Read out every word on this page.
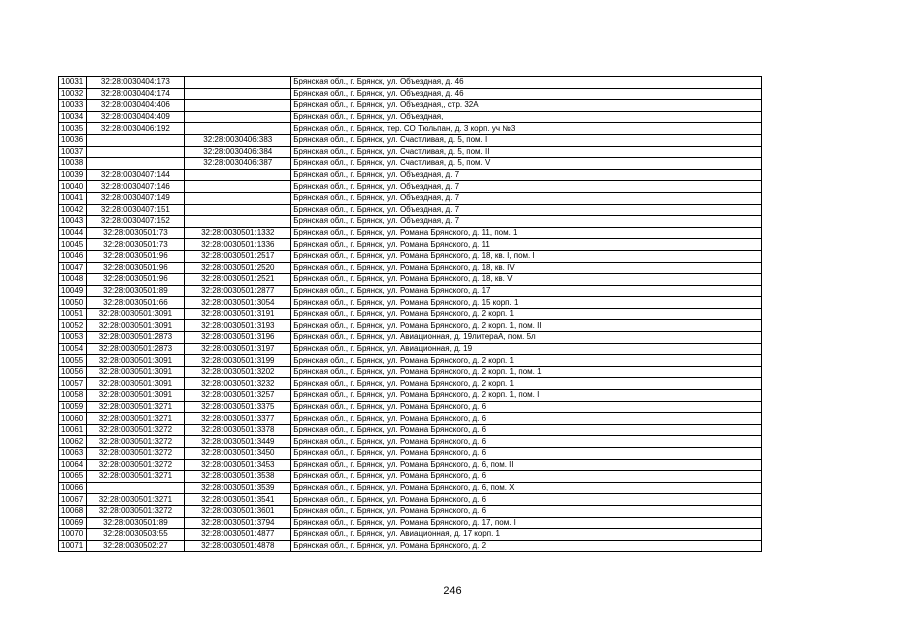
10031	32:28:0030404:173		Брянская обл., г. Брянск, ул. Объездная, д. 46
10032	32:28:0030404:174		Брянская обл., г. Брянск, ул. Объездная, д. 46
10033	32:28:0030404:406		Брянская обл., г. Брянск, ул. Объездная,, стр. 32А
10034	32:28:0030404:409		Брянская обл., г. Брянск, ул. Объездная,
10035	32:28:0030406:192		Брянская обл., г. Брянск, тер. СО Тюльпан, д. 3 корп. уч №3
10036		32:28:0030406:383	Брянская обл., г. Брянск, ул. Счастливая, д. 5, пом. I
10037		32:28:0030406:384	Брянская обл., г. Брянск, ул. Счастливая, д. 5, пом. II
10038		32:28:0030406:387	Брянская обл., г. Брянск, ул. Счастливая, д. 5, пом. V
10039	32:28:0030407:144		Брянская обл., г. Брянск, ул. Объездная, д. 7
10040	32:28:0030407:146		Брянская обл., г. Брянск, ул. Объездная, д. 7
10041	32:28:0030407:149		Брянская обл., г. Брянск, ул. Объездная, д. 7
10042	32:28:0030407:151		Брянская обл., г. Брянск, ул. Объездная, д. 7
10043	32:28:0030407:152		Брянская обл., г. Брянск, ул. Объездная, д. 7
10044	32:28:0030501:73	32:28:0030501:1332	Брянская обл., г. Брянск, ул. Романа Брянского, д. 11, пом. 1
10045	32:28:0030501:73	32:28:0030501:1336	Брянская обл., г. Брянск, ул. Романа Брянского, д. 11
10046	32:28:0030501:96	32:28:0030501:2517	Брянская обл., г. Брянск, ул. Романа Брянского, д. 18, кв. I, пом. I
10047	32:28:0030501:96	32:28:0030501:2520	Брянская обл., г. Брянск, ул. Романа Брянского, д. 18, кв. IV
10048	32:28:0030501:96	32:28:0030501:2521	Брянская обл., г. Брянск, ул. Романа Брянского, д. 18, кв. V
10049	32:28:0030501:89	32:28:0030501:2877	Брянская обл., г. Брянск, ул. Романа Брянского, д. 17
10050	32:28:0030501:66	32:28:0030501:3054	Брянская обл., г. Брянск, ул. Романа Брянского, д. 15 корп. 1
10051	32:28:0030501:3091	32:28:0030501:3191	Брянская обл., г. Брянск, ул. Романа Брянского, д. 2 корп. 1
10052	32:28:0030501:3091	32:28:0030501:3193	Брянская обл., г. Брянск, ул. Романа Брянского, д. 2 корп. 1, пом. II
10053	32:28:0030501:2873	32:28:0030501:3196	Брянская обл., г. Брянск, ул. Авиационная, д. 19литераА, пом. 5л
10054	32:28:0030501:2873	32:28:0030501:3197	Брянская обл., г. Брянск, ул. Авиационная, д. 19
10055	32:28:0030501:3091	32:28:0030501:3199	Брянская обл., г. Брянск, ул. Романа Брянского, д. 2 корп. 1
10056	32:28:0030501:3091	32:28:0030501:3202	Брянская обл., г. Брянск, ул. Романа Брянского, д. 2 корп. 1, пом. 1
10057	32:28:0030501:3091	32:28:0030501:3232	Брянская обл., г. Брянск, ул. Романа Брянского, д. 2 корп. 1
10058	32:28:0030501:3091	32:28:0030501:3257	Брянская обл., г. Брянск, ул. Романа Брянского, д. 2 корп. 1, пом. I
10059	32:28:0030501:3271	32:28:0030501:3375	Брянская обл., г. Брянск, ул. Романа Брянского, д. 6
10060	32:28:0030501:3271	32:28:0030501:3377	Брянская обл., г. Брянск, ул. Романа Брянского, д. 6
10061	32:28:0030501:3272	32:28:0030501:3378	Брянская обл., г. Брянск, ул. Романа Брянского, д. 6
10062	32:28:0030501:3272	32:28:0030501:3449	Брянская обл., г. Брянск, ул. Романа Брянского, д. 6
10063	32:28:0030501:3272	32:28:0030501:3450	Брянская обл., г. Брянск, ул. Романа Брянского, д. 6
10064	32:28:0030501:3272	32:28:0030501:3453	Брянская обл., г. Брянск, ул. Романа Брянского, д. 6, пом. II
10065	32:28:0030501:3271	32:28:0030501:3538	Брянская обл., г. Брянск, ул. Романа Брянского, д. 6
10066		32:28:0030501:3539	Брянская обл., г. Брянск, ул. Романа Брянского, д. 6, пом. X
10067	32:28:0030501:3271	32:28:0030501:3541	Брянская обл., г. Брянск, ул. Романа Брянского, д. 6
10068	32:28:0030501:3272	32:28:0030501:3601	Брянская обл., г. Брянск, ул. Романа Брянского, д. 6
10069	32:28:0030501:89	32:28:0030501:3794	Брянская обл., г. Брянск, ул. Романа Брянского, д. 17, пом. I
10070	32:28:0030503:55	32:28:0030501:4877	Брянская обл., г. Брянск, ул. Авиационная, д. 17 корп. 1
10071	32:28:0030502:27	32:28:0030501:4878	Брянская обл., г. Брянск, ул. Романа Брянского, д. 2
246
